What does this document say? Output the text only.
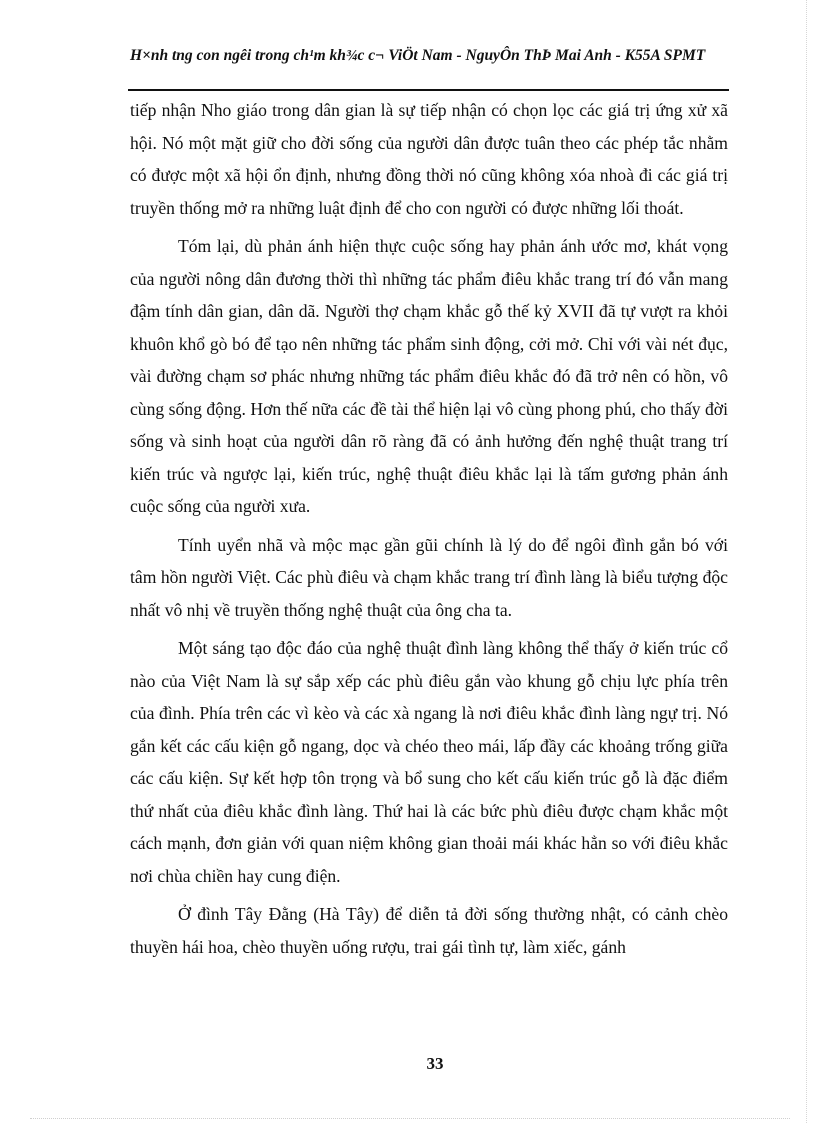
H×nh tng con ngêi trong ch¹m kh¾c c¬ ViÖt Nam - NguyÔn ThÞ Mai Anh - K55A SPMT

tiếp nhận Nho giáo trong dân gian là sự tiếp nhận có chọn lọc các giá trị ứng xử xã hội. Nó một mặt giữ cho đời sống của người dân được tuân theo các phép tắc nhằm có được một xã hội ổn định, nhưng đồng thời nó cũng không xóa nhoà đi các giá trị truyền thống mở ra những luật định để cho con người có được những lối thoát.

Tóm lại, dù phản ánh hiện thực cuộc sống hay phản ánh ước mơ, khát vọng của người nông dân đương thời thì những tác phẩm điêu khắc trang trí đó vẫn mang đậm tính dân gian, dân dã. Người thợ chạm khắc gỗ thế kỷ XVII đã tự vượt ra khỏi khuôn khổ gò bó để tạo nên những tác phẩm sinh động, cởi mở. Chỉ với vài nét đục, vài đường chạm sơ phác nhưng những tác phẩm điêu khắc đó đã trở nên có hồn, vô cùng sống động. Hơn thế nữa các đề tài thể hiện lại vô cùng phong phú, cho thấy đời sống và sinh hoạt của người dân rõ ràng đã có ảnh hưởng đến nghệ thuật trang trí kiến trúc và ngược lại, kiến trúc, nghệ thuật điêu khắc lại là tấm gương phản ánh cuộc sống của người xưa.

Tính uyển nhã và mộc mạc gần gũi chính là lý do để ngôi đình gắn bó với tâm hồn người Việt. Các phù điêu và chạm khắc trang trí đình làng là biểu tượng độc nhất vô nhị về truyền thống nghệ thuật của ông cha ta.

Một sáng tạo độc đáo của nghệ thuật đình làng không thể thấy ở kiến trúc cổ nào của Việt Nam là sự sắp xếp các phù điêu gắn vào khung gỗ chịu lực phía trên của đình. Phía trên các vì kèo và các xà ngang là nơi điêu khắc đình làng ngự trị. Nó gắn kết các cấu kiện gỗ ngang, dọc và chéo theo mái, lấp đầy các khoảng trống giữa các cấu kiện. Sự kết hợp tôn trọng và bổ sung cho kết cấu kiến trúc gỗ là đặc điểm thứ nhất của điêu khắc đình làng. Thứ hai là các bức phù điêu được chạm khắc một cách mạnh, đơn giản với quan niệm không gian thoải mái khác hẳn so với điêu khắc nơi chùa chiền hay cung điện.

Ở đình Tây Đằng (Hà Tây) để diễn tả đời sống thường nhật, có cảnh chèo thuyền hái hoa, chèo thuyền uống rượu, trai gái tình tự, làm xiếc, gánh

33
